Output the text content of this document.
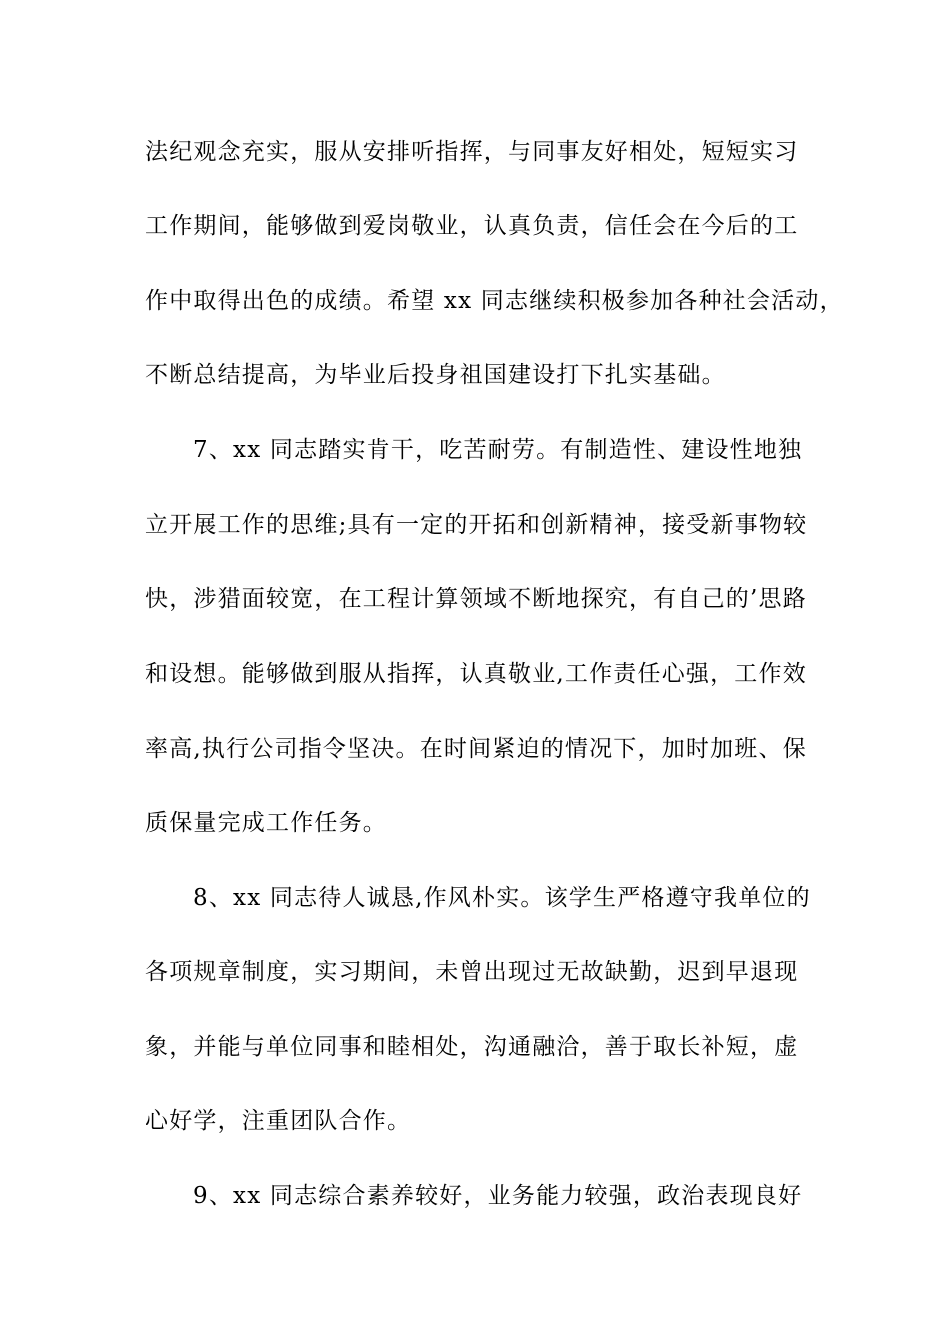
法纪观念充实，服从安排听指挥，与同事友好相处，短短实习
工作期间，能够做到爱岗敬业，认真负责，信任会在今后的工
作中取得出色的成绩。希望 xx 同志继续积极参加各种社会活动，
不断总结提高，为毕业后投身祖国建设打下扎实基础。
7、xx 同志踏实肯干，吃苦耐劳。有制造性、建设性地独
立开展工作的思维;具有一定的开拓和创新精神，接受新事物较
快，涉猎面较宽，在工程计算领域不断地探究，有自己的’思路
和设想。能够做到服从指挥，认真敬业,工作责任心强，工作效
率高,执行公司指令坚决。在时间紧迫的情况下，加时加班、保
质保量完成工作任务。
8、xx 同志待人诚恳,作风朴实。该学生严格遵守我单位的
各项规章制度，实习期间，未曾出现过无故缺勤，迟到早退现
象，并能与单位同事和睦相处，沟通融洽，善于取长补短，虚
心好学，注重团队合作。
9、xx 同志综合素养较好，业务能力较强，政治表现良好
